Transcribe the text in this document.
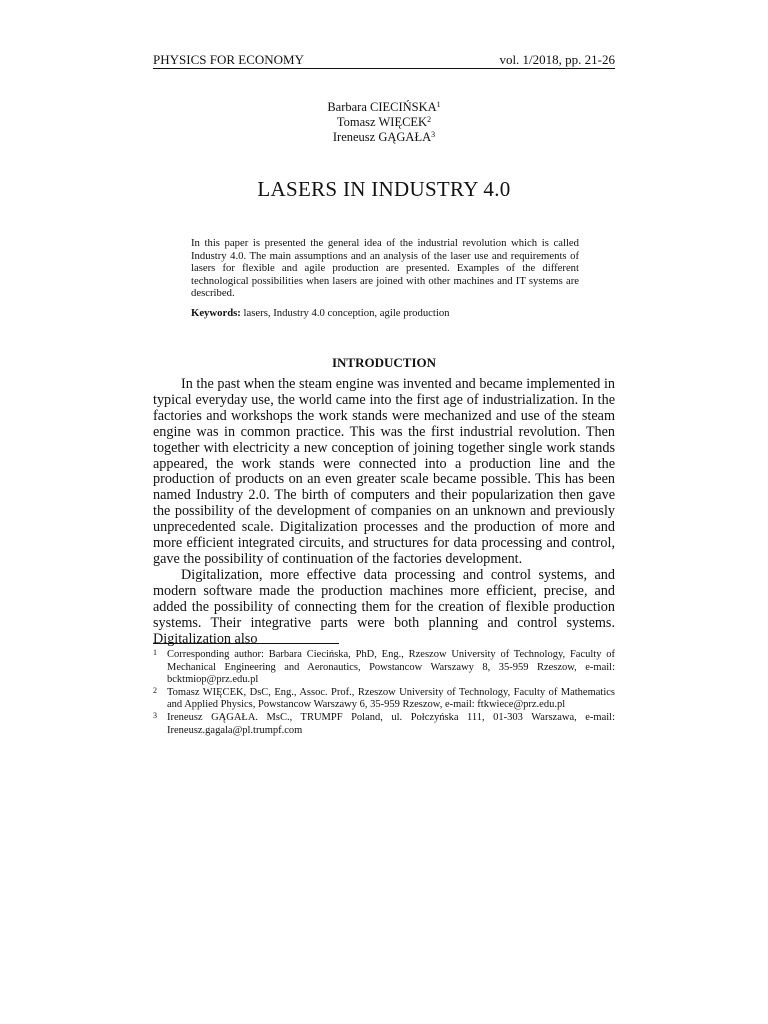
PHYSICS FOR ECONOMY	vol. 1/2018, pp. 21-26
Barbara CIECIŃSKA$^1$
Tomasz WIĘCEK$^2$
Ireneusz GĄGAŁA$^3$
LASERS IN INDUSTRY 4.0

In this paper is presented the general idea of the industrial revolution which is called Industry 4.0. The main assumptions and an analysis of the laser use and requirements of lasers for flexible and agile production are presented. Examples of the different technological possibilities when lasers are joined with other machines and IT systems are described.

Keywords: lasers, Industry 4.0 conception, agile production

INTRODUCTION

In the past when the steam engine was invented and became implemented in typical everyday use, the world came into the first age of industrialization. In the factories and workshops the work stands were mechanized and use of the steam engine was in common practice. This was the first industrial revolution. Then together with electricity a new conception of joining together single work stands appeared, the work stands were connected into a production line and the production of products on an even greater scale became possible. This has been named Industry 2.0. The birth of computers and their popularization then gave the possibility of the development of companies on an unknown and previously unprecedented scale. Digitalization processes and the production of more and more efficient integrated circuits, and structures for data processing and control, gave the possibility of continuation of the factories development.

Digitalization, more effective data processing and control systems, and modern software made the production machines more efficient, precise, and added the possibility of connecting them for the creation of flexible production systems. Their integrative parts were both planning and control systems. Digitalization also

1 Corresponding author: Barbara Ciecińska, PhD, Eng., Rzeszow University of Technology, Faculty of Mechanical Engineering and Aeronautics, Powstancow Warszawy 8, 35-959 Rzeszow, e-mail: bcktmiop@prz.edu.pl
2 Tomasz WIĘCEK, DsC, Eng., Assoc. Prof., Rzeszow University of Technology, Faculty of Mathematics and Applied Physics, Powstancow Warszawy 6, 35-959 Rzeszow, e-mail: ftkwiece@prz.edu.pl
3 Ireneusz GĄGAŁA. MsC., TRUMPF Poland, ul. Połczyńska 111, 01-303 Warszawa, e-mail: Ireneusz.gagala@pl.trumpf.com
